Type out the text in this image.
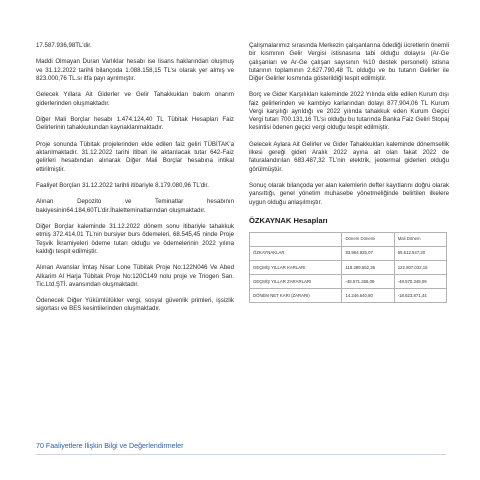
17.587.936,98TL’dir.

Maddi Olmayan Duran Varlıklar hesabı ise lisans haklarından oluşmuş ve 31.12.2022 tarihli bilançoda 1.088.158,15 TL’sı olarak yer almış ve 823.000,76 TL.sı itfa payı ayrılmıştır.

Gelecek Yıllara Ait Giderler ve Gelir Tahakkukları bakım onarım giderlerinden oluşmaktadır.

Diğer Mali Borçlar hesabı 1.474.124,40 TL Tübitak Hesapları Faiz Gelirlerinin tahakkukundan kaynaklanmaktadır.

Proje sonunda Tübitak projelerinden elde edilen faiz geliri TÜBİTAK’a aktarılmaktadır. 31.12.2022 tarihi itibari ile aktarılacak tutar 642-Faiz gelirleri hesabından alınarak Diğer Mali Borçlar hesabına intikal ettirilmiştir.

Faaliyet Borçları 31.12.2022 tarihli itibariyle 8.179.080,96 TL’dir.

Alınan Depozito ve Teminatlar hesabının bakiyesinin64.184,60TL’dir.İhaletteminatlarından oluşmaktadır.

Diğer Borçlar kaleminde 31.12.2022 dönem sonu itibariyle tahakkuk etmiş 372.414,01 TL’nin bursiyer burs ödemeleri, 68.545,45 ninde Proje Teşvik İkramiyeleri ödeme tutarı olduğu ve ödemelerinin 2022 yılına kaldığı tespit edilmiştir.

Alınan Avanslar İmtaş Nisar Lone Tübitak Proje No:122N046 Ve Abed Alkarim Al Harja Tübitak Proje No:120C149 nolu proje ve Triogen San. Tic.Ltd.ŞTİ. avansından oluşmaktadır.

Ödenecek Diğer Yükümlülükler vergi, sosyal güvenlik primleri, işsizlik sigortası ve BES kesintilerinden oluşmaktadır.

Çalışmalarımız sırasında Merkezin çalışanlarına ödediği ücretlerin önemli bir kısmının Gelir Vergisi istisnasına tabi olduğu dolayısı (Ar-Ge çalışanları ve Ar-Ge çalışan sayısının %10 destek personeli) istisna tutarının toplamının 2.627.790,48 TL olduğu ve bu tutarın Gelirler ile Diğer Gelirler kısmında gösterildiği tespit edilmiştir.

Borç ve Gider Karşılıkları kaleminde 2022 Yılında elde edilen Kurum dışı faiz gelirlerinden ve kambiyo karlarından dolayı 877.904,06 TL Kurum Vergi karşılığı ayrıldığı ve 2022 yılında tahakkuk eden Kurum Geçici Vergi tutarı 700.131,16 TL’sı olduğu bu tutarında Banka Faiz Geliri Stopaj kesintisi ödenen geçici vergi olduğu tespit edilmiştir.

Gelecek Aylara Ait Gelirler ve Gider Tahakkukları kaleminde dönemsellik ilkesi gereği gideri Aralık 2022 ayına ait olan fakat 2022 de faturalandırılan 683.487,32 TL’nin elektrik, jeotermal giderleri olduğu görülmüştür.

Sonuç olarak bilançoda yer alan kalemlerin defter kayıtlarını doğru olarak yansıttığı, genel yönetim muhasebe yönetmeliğinde belirtilen ilkelere uygun olduğu anlaşılmıştır.

ÖZKAYNAK Hesapları
	Dönem Dönemi	Mali Dönem
ÖZKAYNAKLAR	83.964.925,07	55.612.547,20
GEÇMİŞ YILLAR KARLARI	118.289.552,36	122.807.032,15
GEÇMİŞ YILLAR ZARARLARI	-48.571.268,09	-48.570.348,09
DÖNEM NET KARI (ZARARI)	14.246.640,80	-18.623.871,44
70 Faaliyetlere İlişkin Bilgi ve Değerlendirmeler
